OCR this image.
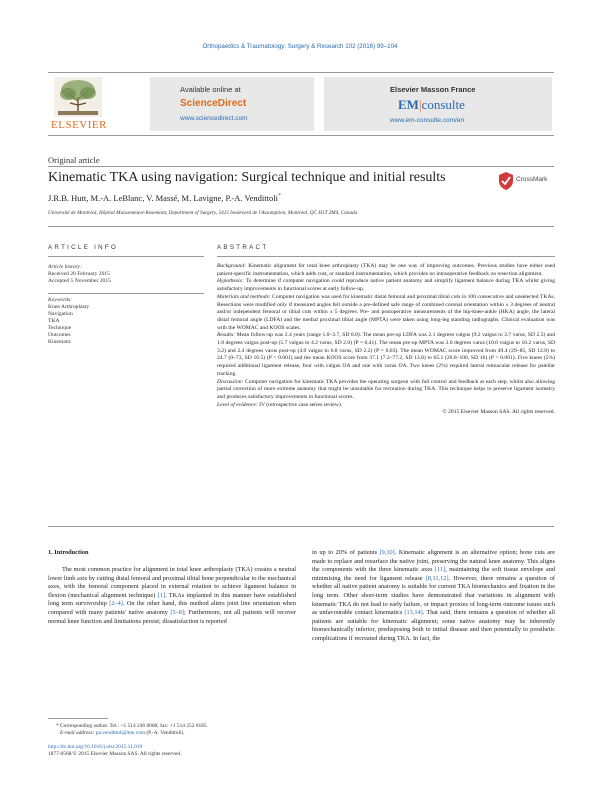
Orthopaedics & Traumatology: Surgery & Research 102 (2016) 99–104
ELSEVIER
Available online at
ScienceDirect
www.sciencedirect.com
Elsevier Masson France
EM|consulte
www.em-consulte.com/en
Original article
Kinematic TKA using navigation: Surgical technique and initial results	CrossMark
J.R.B. Hutt, M.-A. LeBlanc, V. Massé, M. Lavigne, P.-A. Vendittoli*
Université de Montréal, Hôpital Maisonneuve-Rosemont, Department of Surgery, 5415 boulevard de l'Assomption, Montréal, QC H1T 2M4, Canada
ARTICLE INFO
Article history:
Received 20 February 2015
Accepted 5 November 2015
Keywords:
Knee Arthroplasty
Navigation
TKA
Technique
Outcomes
Kinematic
ABSTRACT

Background: Kinematic alignment for total knee arthroplasty (TKA) may be one way of improving outcomes. Previous studies have either used patient-specific instrumentation, which adds cost, or standard instrumentation, which provides no intraoperative feedback on resection alignment.

Hypothesis: To determine if computer navigation could reproduce native patient anatomy and simplify ligament balance during TKA whilst giving satisfactory improvements in functional scores at early follow-up.

Materials and methods: Computer navigation was used for kinematic distal femoral and proximal tibial cuts in 100 consecutive and unselected TKAs. Resections were modified only if measured angles fell outside a pre-defined safe range of combined coronal orientation within ± 3 degrees of neutral and/or independent femoral or tibial cuts within ± 5 degrees. Pre- and postoperative measurements of the hip-knee-ankle (HKA) angle, the lateral distal femoral angle (LDFA) and the medial proximal tibial angle (MPTA) were taken using long-leg standing radiographs. Clinical evaluation was with the WOMAC and KOOS scales.

Results: Mean follow-up was 2.4 years (range 1.0–3.7, SD 0.8). The mean pre-op LDFA was 2.1 degrees valgus (9.2 valgus to 3.7 varus, SD 2.5) and 1.8 degrees valgus post-op (5.7 valgus to 4.2 varus, SD 2.0) (P = 0.41). The mean pre-op MPTA was 3.0 degrees varus (10.6 valgus to 10.2 varus, SD 3.2) and 2.4 degrees varus post-op (4.0 valgus to 6.8 varus, SD 2.2) (P = 0.03). The mean WOMAC score improved from 49.4 (29–85, SD 12.8) to 24.7 (0–73, SD 16.5) (P < 0.001) and the mean KOOS score from 37.1 (7.2–77.2, SD 13.0) to 65.1 (26.8–100, SD 16) (P < 0.001). Five knees (5%) required additional ligament release, four with valgus OA and one with varus OA. Two knees (2%) required lateral retinacular release for patellar tracking.

Discussion: Computer navigation for kinematic TKA provides the operating surgeon with full control and feedback at each step, whilst also allowing partial correction of more extreme anatomy that might be unsuitable for recreation during TKA. This technique helps to preserve ligament isometry and produces satisfactory improvements in functional scores.

Level of evidence: IV (retrospective case series review).

© 2015 Elsevier Masson SAS. All rights reserved.

1. Introduction
The most common practice for alignment in total knee arthroplasty (TKA) creates a neutral lower limb axis by cutting distal femoral and proximal tibial bone perpendicular to the mechanical axes, with the femoral component placed in external rotation to achieve ligament balance in flexion (mechanical alignment technique) [1]. TKAs implanted in this manner have established long term survivorship [2–4]. On the other hand, this method alters joint line orientation when compared with many patients' native anatomy [5–8]; Furthermore, not all patients will recover normal knee function and limitations persist; dissatisfaction is reported
in up to 20% of patients [9,10]. Kinematic alignment is an alternative option; bone cuts are made to replace and resurface the native joint, preserving the natural knee anatomy. This aligns the components with the three kinematic axes [11], maintaining the soft tissue envelope and minimising the need for ligament release [8,11,12]. However, there remains a question of whether all native patient anatomy is suitable for current TKA biomechanics and fixation in the long term. Other short-term studies have demonstrated that variations in alignment with kinematic TKA do not lead to early failure, or impact proxies of long-term outcome issues such as unfavourable contact kinematics [13,14]. That said, there remains a question of whether all patients are suitable for kinematic alignment; some native anatomy may be inherently biomechanically inferior, predisposing both to initial disease and then potentially to prosthetic complications if recreated during TKA. In fact, the
* Corresponding author. Tel.: +1 514 246 0068; fax: +1 514 252 0185.
E-mail address: pa.vendittoli@me.com (P.-A. Vendittoli).
http://dx.doi.org/10.1016/j.otsr.2015.11.010
1877-0568/© 2015 Elsevier Masson SAS. All rights reserved.
